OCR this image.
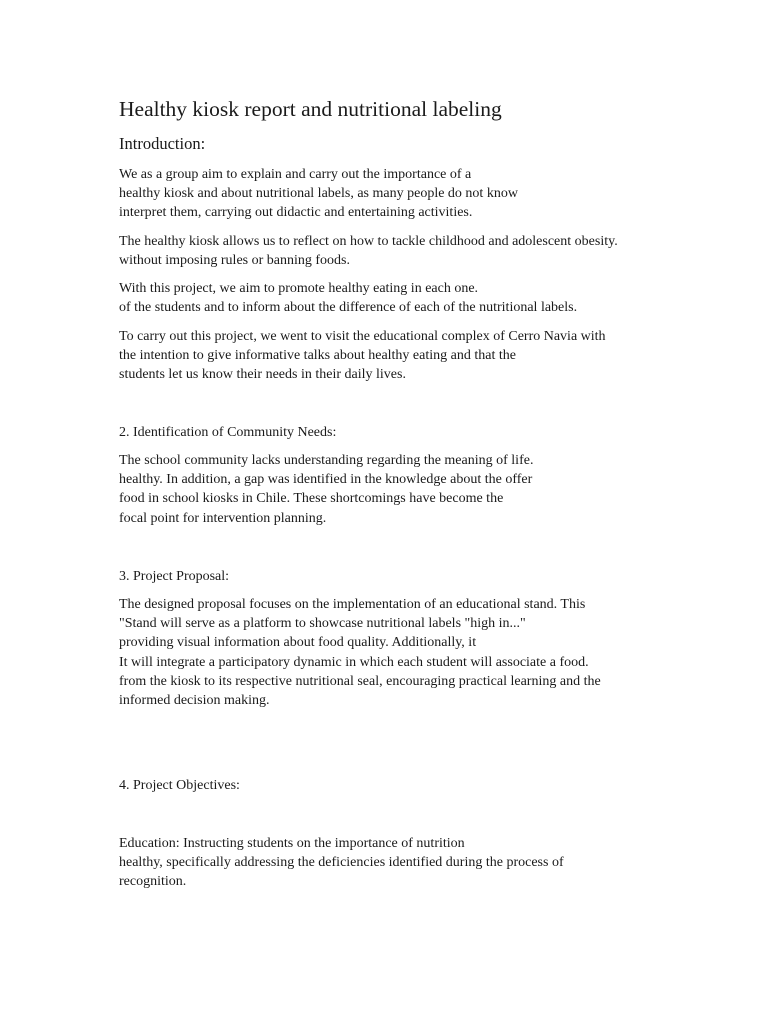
Healthy kiosk report and nutritional labeling
Introduction:

We as a group aim to explain and carry out the importance of a
healthy kiosk and about nutritional labels, as many people do not know
interpret them, carrying out didactic and entertaining activities.

The healthy kiosk allows us to reflect on how to tackle childhood and adolescent obesity.
without imposing rules or banning foods.

With this project, we aim to promote healthy eating in each one.
of the students and to inform about the difference of each of the nutritional labels.

To carry out this project, we went to visit the educational complex of Cerro Navia with
the intention to give informative talks about healthy eating and that the
students let us know their needs in their daily lives.

2. Identification of Community Needs:

The school community lacks understanding regarding the meaning of life.
healthy. In addition, a gap was identified in the knowledge about the offer
food in school kiosks in Chile. These shortcomings have become the
focal point for intervention planning.

3. Project Proposal:

The designed proposal focuses on the implementation of an educational stand. This
"Stand will serve as a platform to showcase nutritional labels "high in..."
providing visual information about food quality. Additionally, it
It will integrate a participatory dynamic in which each student will associate a food.
from the kiosk to its respective nutritional seal, encouraging practical learning and the
informed decision making.

4. Project Objectives:

Education: Instructing students on the importance of nutrition
healthy, specifically addressing the deficiencies identified during the process of
recognition.
